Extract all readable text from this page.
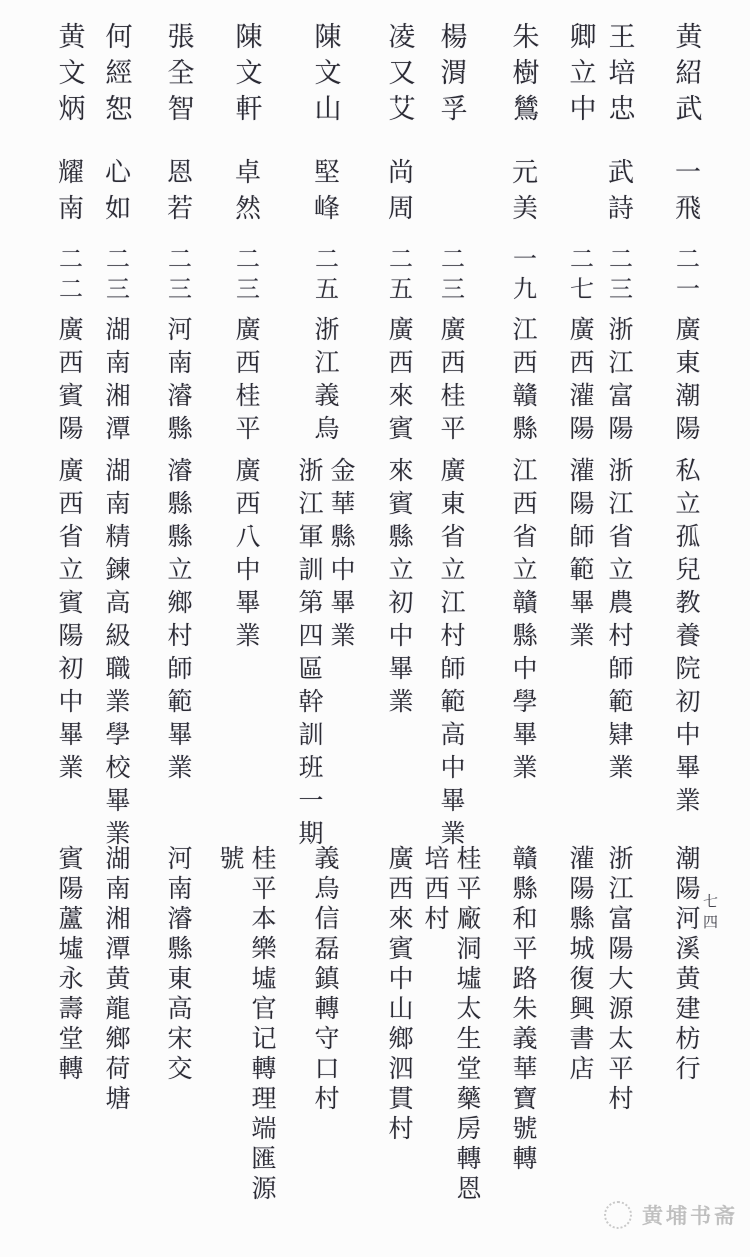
黄紹武
一飛
二一
廣東潮陽
私立孤兒教養院初中畢業
潮陽河溪黄建枋行
王培忠
武詩
二三
浙江富陽
浙江省立農村師範肄業
浙江富陽大源太平村
卿立中
二七
廣西灌陽
灌陽師範畢業
灌陽縣城復興書店
朱樹鷥
元美
一九
江西贛縣
江西省立贛縣中學畢業
贛縣和平路朱義華寶號轉
楊渭孚
二三
廣西桂平
廣東省立江村師範高中畢業
桂平廠洞墟太生堂藥房轉恩
培西村
凌又艾
尚周
二五
廣西來賓
來賓縣立初中畢業
廣西來賓中山鄉泗貫村
陳文山
堅峰
二五
浙江義烏
金華縣中畢業
浙江軍訓第四區幹訓班一期
義烏信磊鎮轉守口村
陳文軒
卓然
二三
廣西桂平
廣西八中畢業
桂平本樂墟官记轉理端匯源
號
張全智
恩若
二三
河南濬縣
濬縣縣立鄉村師範畢業
河南濬縣東高宋交
何經恕
心如
二三
湖南湘潭
湖南精鍊高級職業學校畢業
湖南湘潭黄龍鄉荷塘
黄文炳
耀南
二二
廣西賓陽
廣西省立賓陽初中畢業
賓陽蘆墟永壽堂轉	七四
黄埔书斋
